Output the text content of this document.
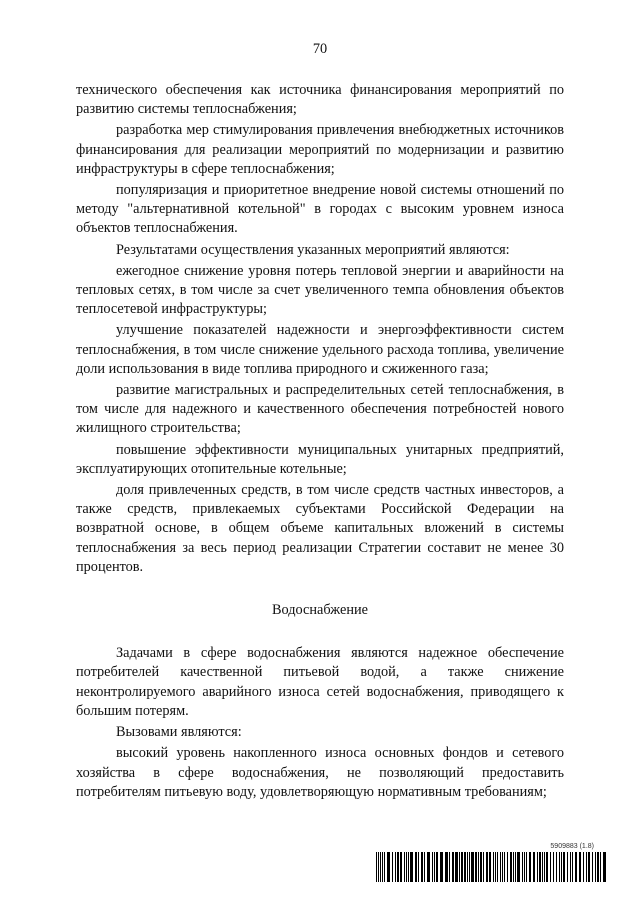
70

технического обеспечения как источника финансирования мероприятий по развитию системы теплоснабжения;

разработка мер стимулирования привлечения внебюджетных источников финансирования для реализации мероприятий по модернизации и развитию инфраструктуры в сфере теплоснабжения;

популяризация и приоритетное внедрение новой системы отношений по методу "альтернативной котельной" в городах с высоким уровнем износа объектов теплоснабжения.

Результатами осуществления указанных мероприятий являются:

ежегодное снижение уровня потерь тепловой энергии и аварийности на тепловых сетях, в том числе за счет увеличенного темпа обновления объектов теплосетевой инфраструктуры;

улучшение показателей надежности и энергоэффективности систем теплоснабжения, в том числе снижение удельного расхода топлива, увеличение доли использования в виде топлива природного и сжиженного газа;

развитие магистральных и распределительных сетей теплоснабжения, в том числе для надежного и качественного обеспечения потребностей нового жилищного строительства;

повышение эффективности муниципальных унитарных предприятий, эксплуатирующих отопительные котельные;

доля привлеченных средств, в том числе средств частных инвесторов, а также средств, привлекаемых субъектами Российской Федерации на возвратной основе, в общем объеме капитальных вложений в системы теплоснабжения за весь период реализации Стратегии составит не менее 30 процентов.

Водоснабжение

Задачами в сфере водоснабжения являются надежное обеспечение потребителей качественной питьевой водой, а также снижение неконтролируемого аварийного износа сетей водоснабжения, приводящего к большим потерям.

Вызовами являются:

высокий уровень накопленного износа основных фондов и сетевого хозяйства в сфере водоснабжения, не позволяющий предоставить потребителям питьевую воду, удовлетворяющую нормативным требованиям;

5909883 (1.8)
